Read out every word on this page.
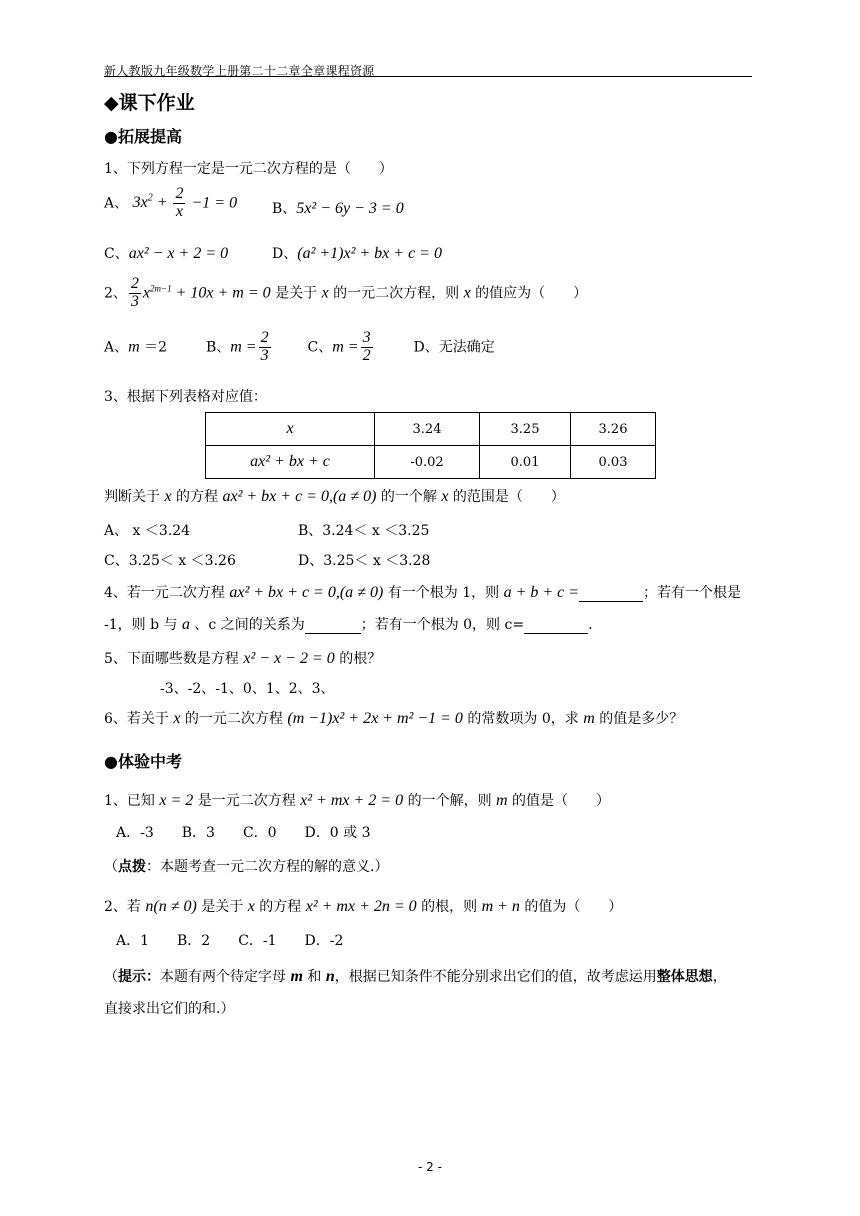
新人教版九年级数学上册第二十二章全章课程资源
◆课下作业
●拓展提高
1、下列方程一定是一元二次方程的是（　　）
A、 $3x^2 + \frac{2}{x} -1 = 0$ B、5x² − 6y − 3 = 0
C、ax² − x + 2 = 0	D、(a² +1)x² + bx + c = 0
2、 $\frac{2}{3} x^{2m-1} + 10x + m = 0$ 是关于 x 的一元二次方程，则 x 的值应为（　　）
A、m ＝2	B、$m = \frac{2}{3}$	C、$m = \frac{3}{2}$	D、无法确定
3、根据下列表格对应值：
x	3.24	3.25	3.26
ax² + bx + c	-0.02	0.01	0.03
判断关于 x 的方程 ax² + bx + c = 0,(a ≠ 0) 的一个解 x 的范围是（　　）
A、 x ＜3.24	B、3.24＜ x ＜3.25
C、3.25＜ x ＜3.26	D、3.25＜ x ＜3.28
4、若一元二次方程 ax² + bx + c = 0,(a ≠ 0) 有一个根为 1，则 a + b + c =	；若有一个根是
-1，则 b 与 a 、c 之间的关系为	；若有一个根为 0，则 c=	.
5、下面哪些数是方程 x² − x − 2 = 0 的根？
-3、-2、-1、0、1、2、3、
6、若关于 x 的一元二次方程 (m −1)x² + 2x + m² −1 = 0 的常数项为 0，求 m 的值是多少？
●体验中考
1、已知 x = 2 是一元二次方程 x² + mx + 2 = 0 的一个解，则 m 的值是（　　）
A．-3　　B．3　　C．0　　D．0 或 3
（点拨：本题考查一元二次方程的解的意义.）
2、若 n(n ≠ 0) 是关于 x 的方程 x² + mx + 2n = 0 的根，则 m + n 的值为（　　）
A．1　　B．2　　C．-1　　D．-2
（提示：本题有两个待定字母 m 和 n，根据已知条件不能分别求出它们的值，故考虑运用整体思想，
直接求出它们的和.）
- 2 -
